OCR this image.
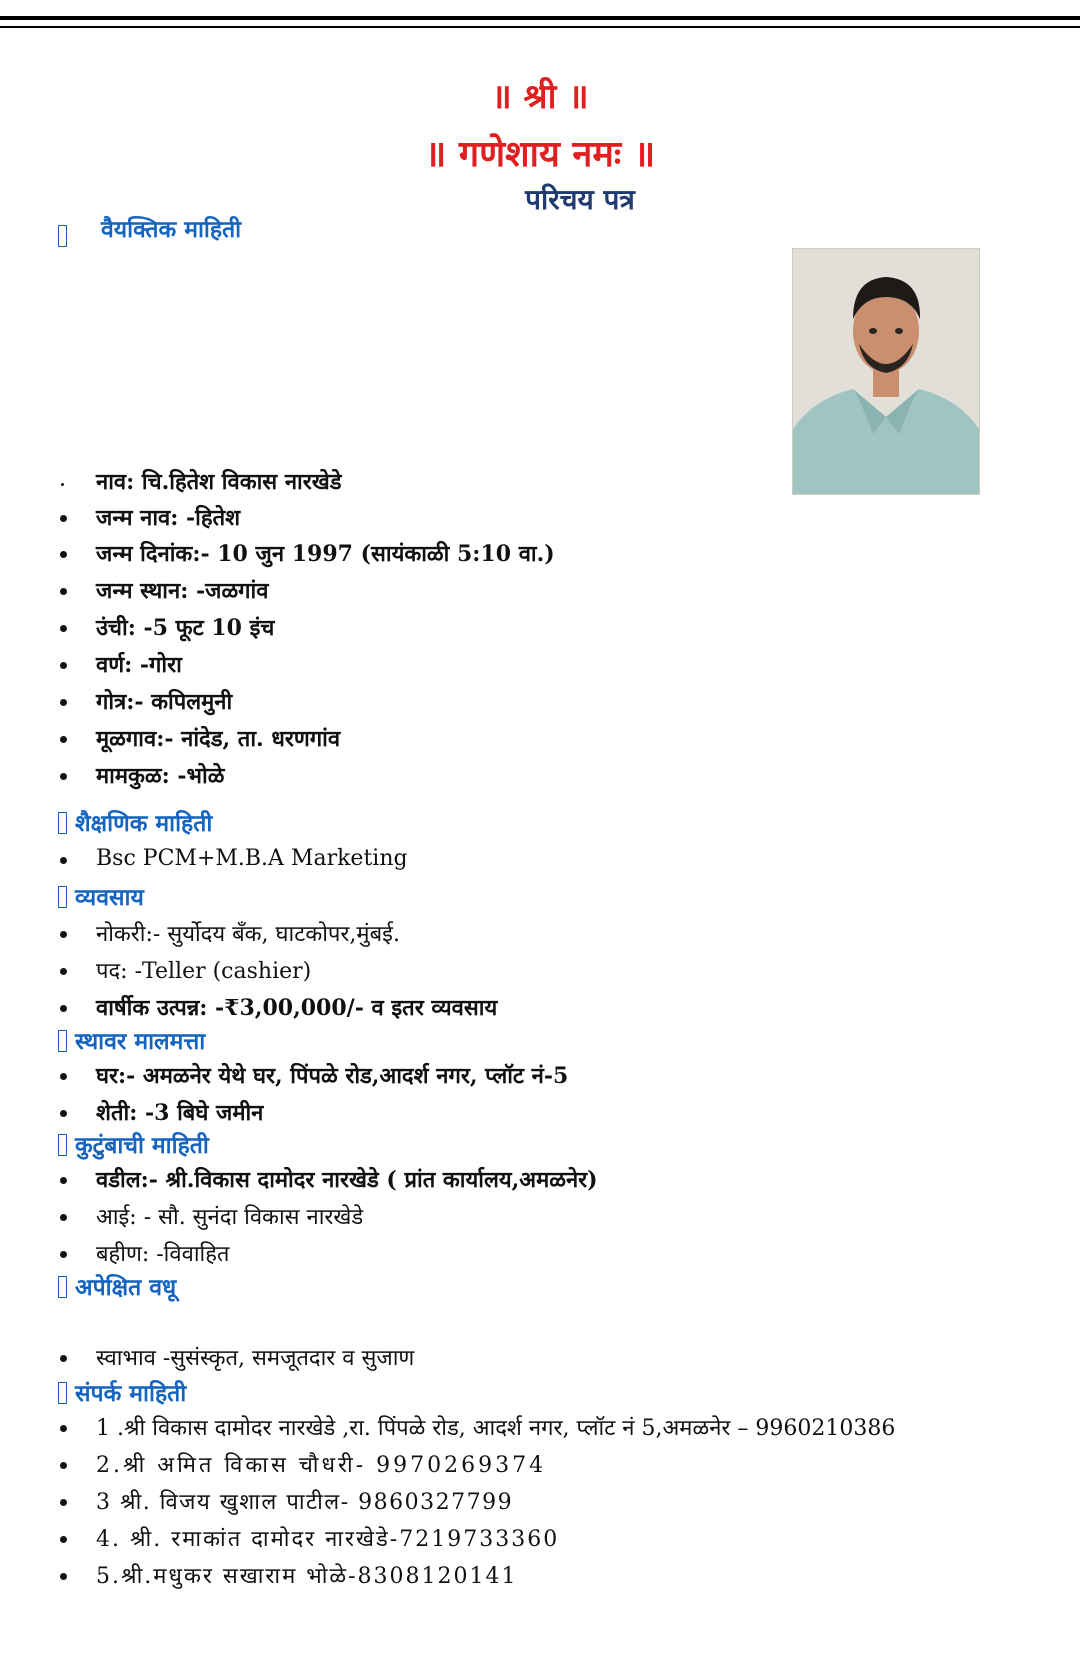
॥ श्री ॥
॥ गणेशाय नमः ॥
परिचय पत्र
वैयक्तिक माहिती
नाव: चि.हितेश विकास नारखेडे
जन्म नाव: -हितेश
जन्म दिनांक:- 10 जुन 1997 (सायंकाळी 5:10 वा.)
जन्म स्थान: -जळगांव
उंची: -5 फूट 10 इंच
वर्ण: -गोरा
गोत्र:- कपिलमुनी
मूळगाव:- नांदेड, ता. धरणगांव
मामकुळ: -भोळे
शैक्षणिक माहिती
Bsc PCM+M.B.A Marketing
व्यवसाय
नोकरी:- सुर्योदय बँक, घाटकोपर,मुंबई.
पद: -Teller (cashier)
वार्षीक उत्पन्न: -₹3,00,000/- व इतर व्यवसाय
स्थावर मालमत्ता
घर:- अमळनेर येथे घर, पिंपळे रोड,आदर्श नगर, प्लॉट नं-5
शेती: -3 बिघे जमीन
कुटुंबाची माहिती
वडील:- श्री.विकास दामोदर नारखेडे ( प्रांत कार्यालय,अमळनेर)
आई: - सौ. सुनंदा विकास नारखेडे
बहीण: -विवाहित
अपेक्षित वधू
स्वाभाव -सुसंस्कृत, समजूतदार व सुजाण
संपर्क माहिती
1 .श्री विकास दामोदर नारखेडे ,रा. पिंपळे रोड, आदर्श नगर, प्लॉट नं 5,अमळनेर – 9960210386
2.श्री अमित विकास चौधरी- 9970269374
3 श्री. विजय खुशाल पाटील- 9860327799
4. श्री. रमाकांत दामोदर नारखेडे-7219733360
5.श्री.मधुकर सखाराम भोळे-8308120141
